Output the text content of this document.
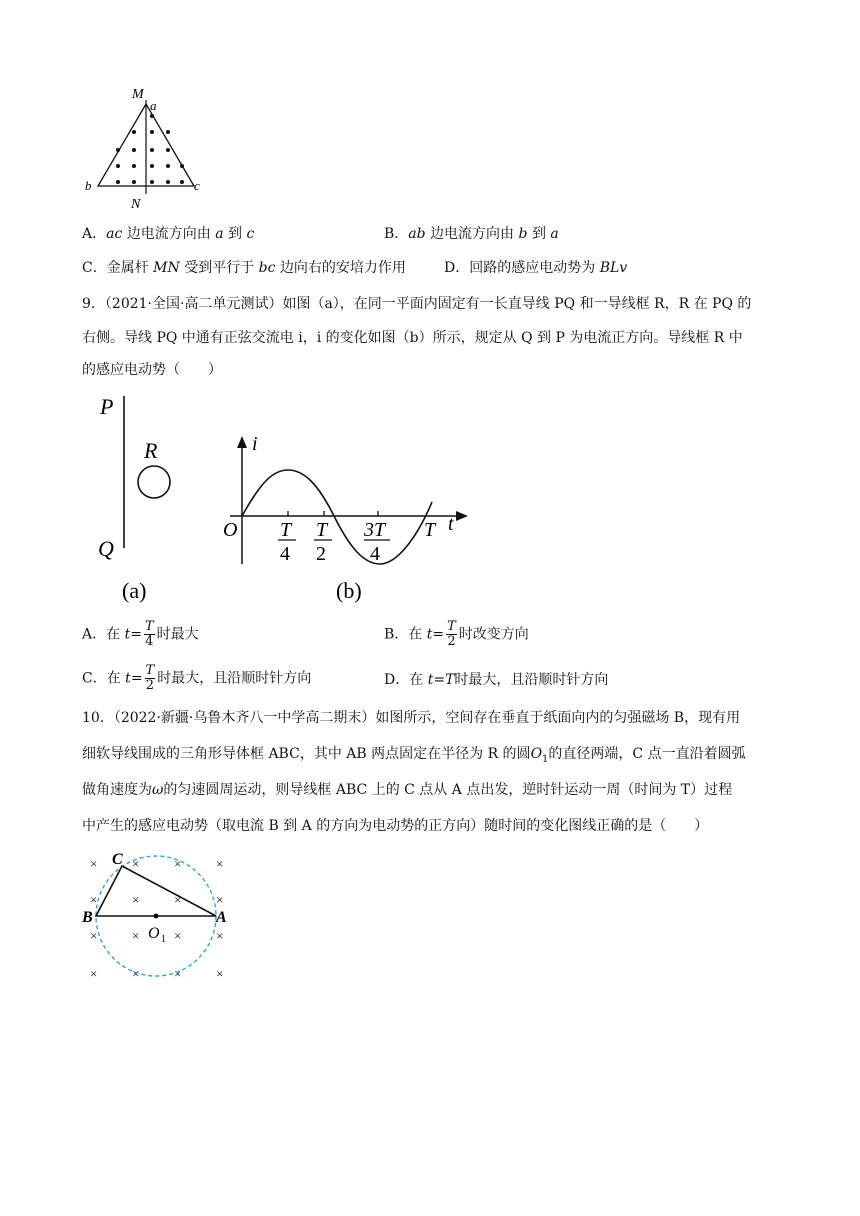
M
a
b	c
N
A．ac 边电流方向由 a 到 c	B．ab 边电流方向由 b 到 a
C．金属杆 MN 受到平行于 bc 边向右的安培力作用	D．回路的感应电动势为 BLv
9．（2021·全国·高二单元测试）如图（a），在同一平面内固定有一长直导线 PQ 和一导线框 R，R 在 PQ 的
右侧。导线 PQ 中通有正弦交流电 i，i 的变化如图（b）所示，规定从 Q 到 P 为电流正方向。导线框 R 中
的感应电动势（　　）
P
Q
R
(a)
i
t
O T
4
T
2
3T
4
T
(b)
A．在 $t= \frac{T}{4}$ 时最大	B．在 $t= \frac{T}{2}$ 时改变方向
C．在 $t= \frac{T}{2}$ 时最大，且沿顺时针方向	D．在 t=T时最大，且沿顺时针方向
10．（2022·新疆·乌鲁木齐八一中学高二期末）如图所示，空间存在垂直于纸面向内的匀强磁场 B，现有用
细软导线围成的三角形导体框 ABC，其中 AB 两点固定在半径为 R 的圆$O_1$的直径两端，C 点一直沿着圆弧
做角速度为ω的匀速圆周运动，则导线框 ABC 上的 C 点从 A 点出发，逆时针运动一周（时间为 T）过程
中产生的感应电动势（取电流 B 到 A 的方向为电动势的正方向）随时间的变化图线正确的是（　　）
×	×	×	×
×	×	×	×
×	×	×	×
×	×	×	×
C
B	A
O 1
